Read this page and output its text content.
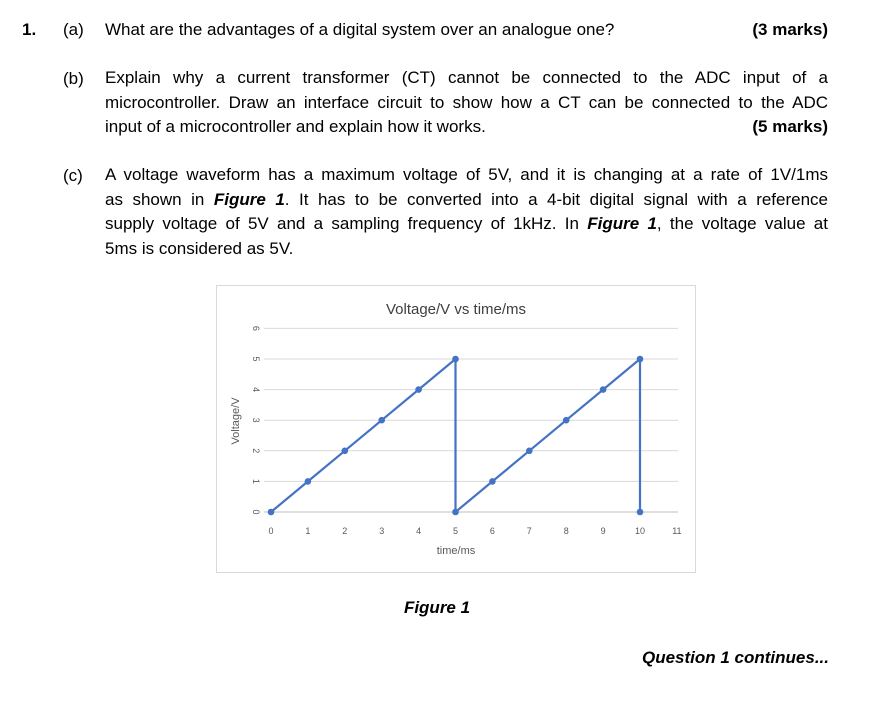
1. (a) What are the advantages of a digital system over an analogue one?	(3 marks)
(b) Explain why a current transformer (CT) cannot be connected to the ADC input of a
microcontroller. Draw an interface circuit to show how a CT can be connected to the ADC
input of a microcontroller and explain how it works.	(5 marks)
(c) A voltage waveform has a maximum voltage of 5V, and it is changing at a rate of 1V/1ms
as shown in Figure 1. It has to be converted into a 4-bit digital signal with a reference
supply voltage of 5V and a sampling frequency of 1kHz. In Figure 1, the voltage value at
5ms is considered as 5V.
Voltage/V vs time/ms
0
1
2
3
4
5
6
0	1	2	3	4	5	6	7	8	9	10	11
time/ms
Voltage/V
Figure 1
Question 1 continues...
